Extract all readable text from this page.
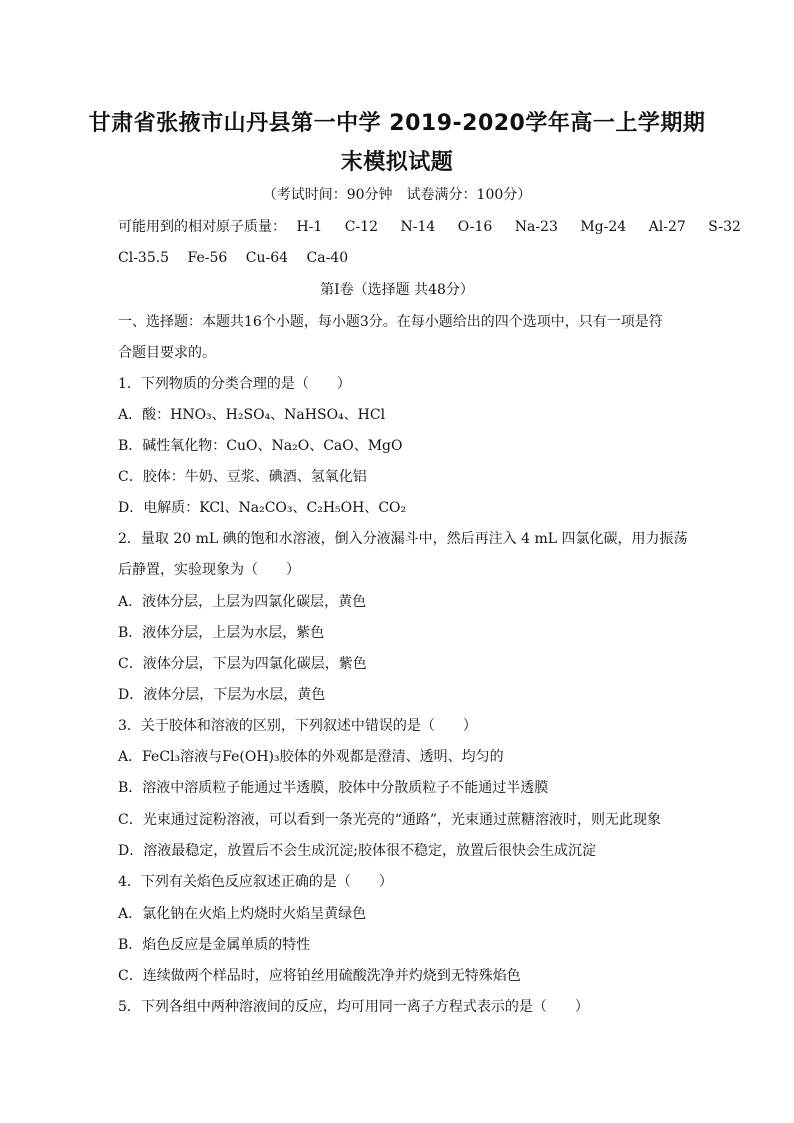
甘肃省张掖市山丹县第一中学 2019-2020学年高一上学期期
末模拟试题
（考试时间：90分钟　试卷满分：100分）
可能用到的相对原子质量： H-1 C-12 N-14 O-16 Na-23 Mg-24 Al-27 S-32
Cl-35.5 Fe-56 Cu-64 Ca-40
第Ⅰ卷（选择题 共48分）
一、选择题：本题共16个小题，每小题3分。在每小题给出的四个选项中，只有一项是符
合题目要求的。
1．下列物质的分类合理的是（　　）
A．酸：HNO₃、H₂SO₄、NaHSO₄、HCl
B．碱性氧化物：CuO、Na₂O、CaO、MgO
C．胶体：牛奶、豆浆、碘酒、氢氧化铝
D．电解质：KCl、Na₂CO₃、C₂H₅OH、CO₂
2．量取 20 mL 碘的饱和水溶液，倒入分液漏斗中，然后再注入 4 mL 四氯化碳，用力振荡
后静置，实验现象为（　　）
A．液体分层，上层为四氯化碳层，黄色
B．液体分层，上层为水层，紫色
C．液体分层，下层为四氯化碳层，紫色
D．液体分层，下层为水层，黄色
3．关于胶体和溶液的区别，下列叙述中错误的是（　　）
A．FeCl₃溶液与Fe(OH)₃胶体的外观都是澄清、透明、均匀的
B．溶液中溶质粒子能通过半透膜，胶体中分散质粒子不能通过半透膜
C．光束通过淀粉溶液，可以看到一条光亮的“通路”，光束通过蔗糖溶液时，则无此现象
D．溶液最稳定，放置后不会生成沉淀;胶体很不稳定，放置后很快会生成沉淀
4．下列有关焰色反应叙述正确的是（　　）
A．氯化钠在火焰上灼烧时火焰呈黄绿色
B．焰色反应是金属单质的特性
C．连续做两个样品时，应将铂丝用硫酸洗净并灼烧到无特殊焰色
5．下列各组中两种溶液间的反应，均可用同一离子方程式表示的是（　　）
